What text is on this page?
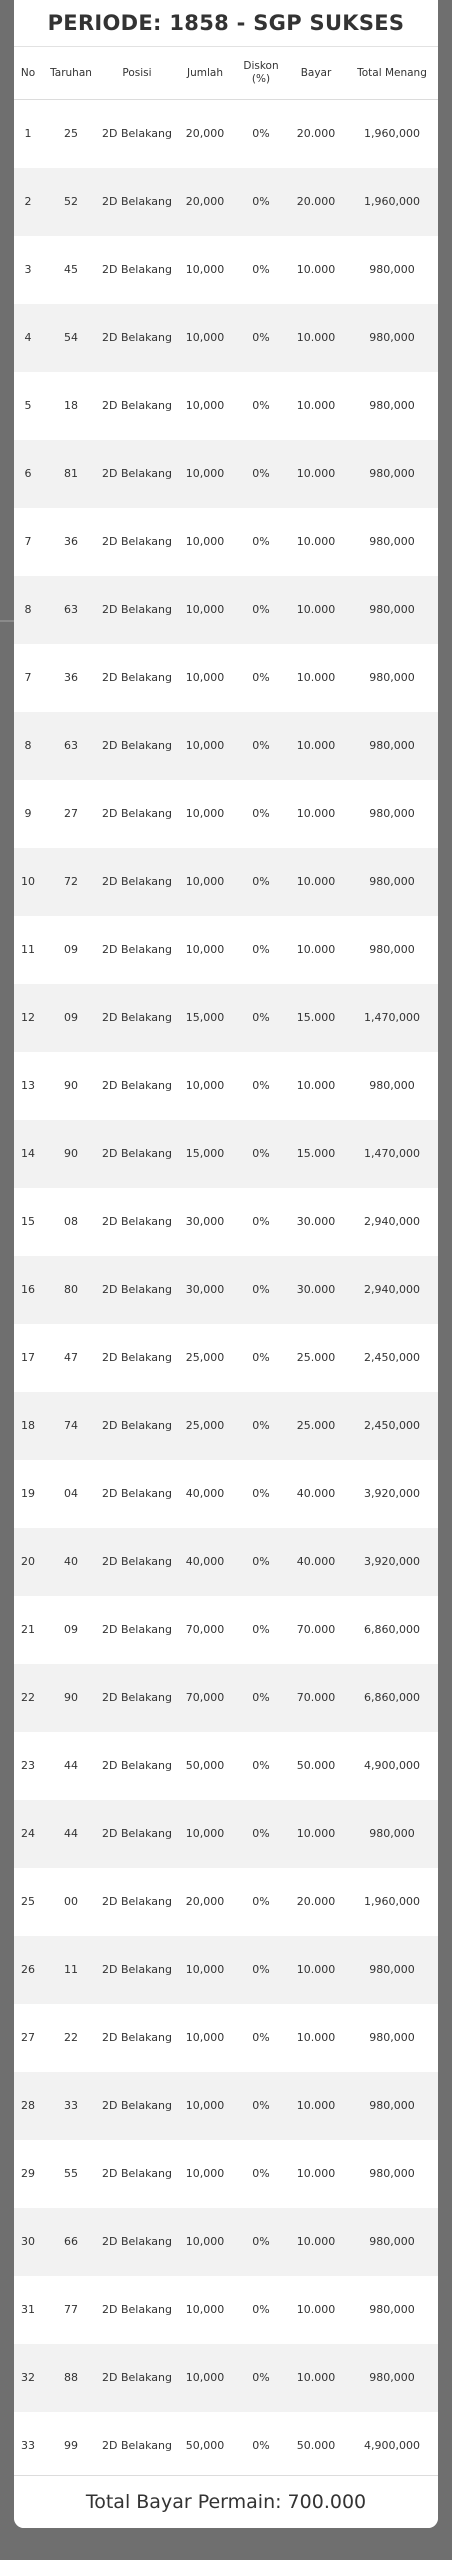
PERIODE: 1858 - SGP SUKSES
No	Taruhan	Posisi	Jumlah	Diskon (%)	Bayar	Total Menang
1	25	2D Belakang	20,000	0%	20.000	1,960,000
2	52	2D Belakang	20,000	0%	20.000	1,960,000
3	45	2D Belakang	10,000	0%	10.000	980,000
4	54	2D Belakang	10,000	0%	10.000	980,000
5	18	2D Belakang	10,000	0%	10.000	980,000
6	81	2D Belakang	10,000	0%	10.000	980,000
7	36	2D Belakang	10,000	0%	10.000	980,000
8	63	2D Belakang	10,000	0%	10.000	980,000
7	36	2D Belakang	10,000	0%	10.000	980,000
8	63	2D Belakang	10,000	0%	10.000	980,000
9	27	2D Belakang	10,000	0%	10.000	980,000
10	72	2D Belakang	10,000	0%	10.000	980,000
11	09	2D Belakang	10,000	0%	10.000	980,000
12	09	2D Belakang	15,000	0%	15.000	1,470,000
13	90	2D Belakang	10,000	0%	10.000	980,000
14	90	2D Belakang	15,000	0%	15.000	1,470,000
15	08	2D Belakang	30,000	0%	30.000	2,940,000
16	80	2D Belakang	30,000	0%	30.000	2,940,000
17	47	2D Belakang	25,000	0%	25.000	2,450,000
18	74	2D Belakang	25,000	0%	25.000	2,450,000
19	04	2D Belakang	40,000	0%	40.000	3,920,000
20	40	2D Belakang	40,000	0%	40.000	3,920,000
21	09	2D Belakang	70,000	0%	70.000	6,860,000
22	90	2D Belakang	70,000	0%	70.000	6,860,000
23	44	2D Belakang	50,000	0%	50.000	4,900,000
24	44	2D Belakang	10,000	0%	10.000	980,000
25	00	2D Belakang	20,000	0%	20.000	1,960,000
26	11	2D Belakang	10,000	0%	10.000	980,000
27	22	2D Belakang	10,000	0%	10.000	980,000
28	33	2D Belakang	10,000	0%	10.000	980,000
29	55	2D Belakang	10,000	0%	10.000	980,000
30	66	2D Belakang	10,000	0%	10.000	980,000
31	77	2D Belakang	10,000	0%	10.000	980,000
32	88	2D Belakang	10,000	0%	10.000	980,000
33	99	2D Belakang	50,000	0%	50.000	4,900,000
Total Bayar Permain: 700.000
